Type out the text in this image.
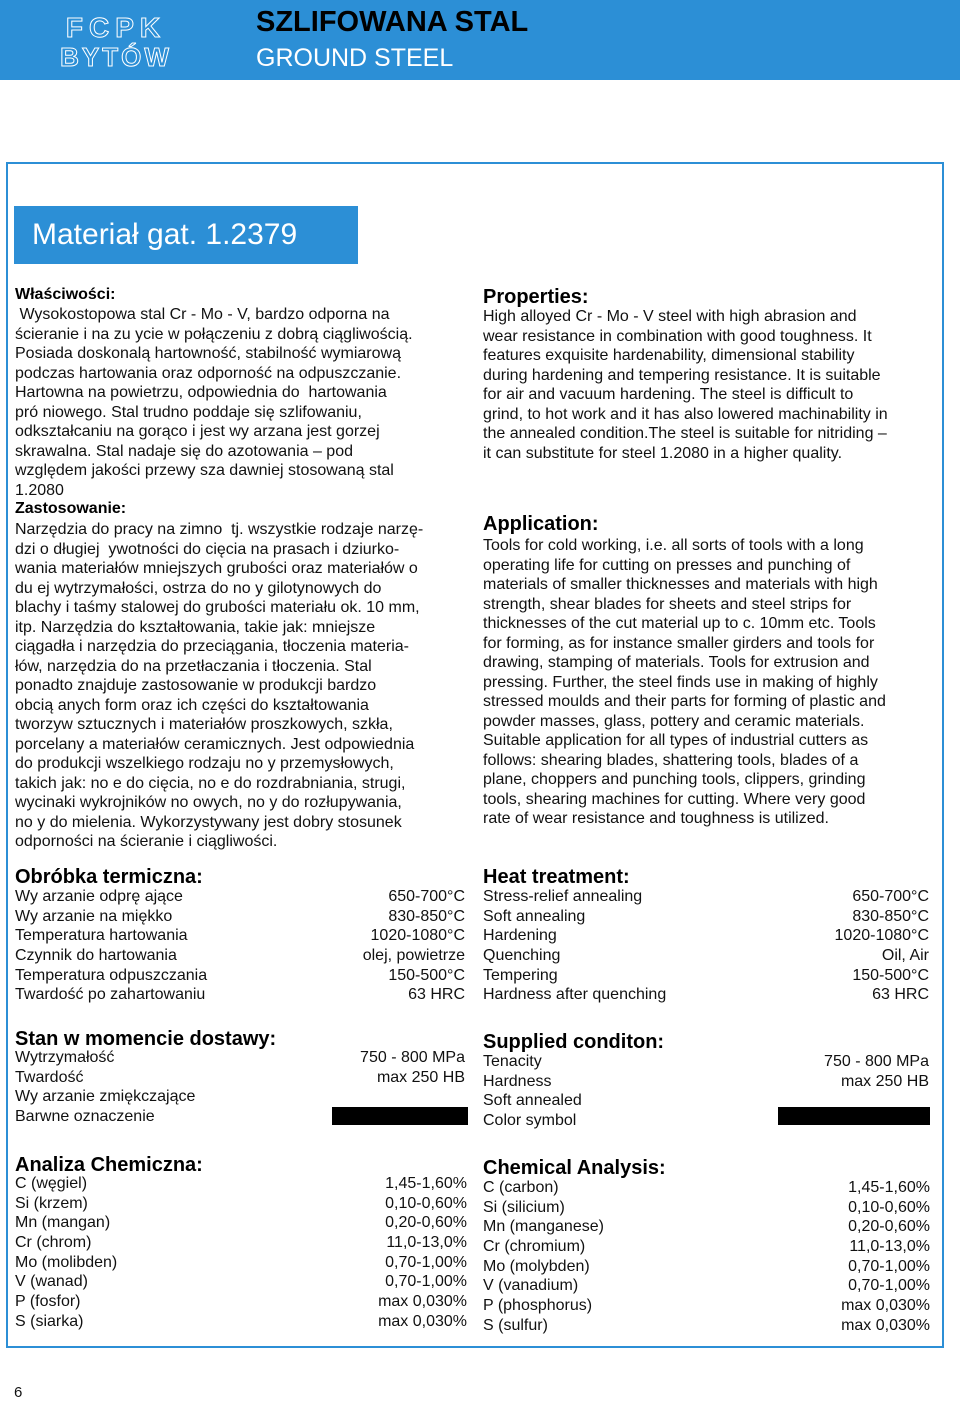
FCPK
BYTÓW
SZLIFOWANA STAL
GROUND STEEL
Materiał gat. 1.2379
Właściwości:
Wysokostopowa stal Cr - Mo - V, bardzo odporna na
ścieranie i na zu ycie w połączeniu z dobrą ciągliwością.
Posiada doskonalą hartowność, stabilność wymiarową
podczas hartowania oraz odporność na odpuszczanie.
Hartowna na powietrzu, odpowiednia do  hartowania
pró niowego. Stal trudno poddaje się szlifowaniu,
odkształcaniu na gorąco i jest wy arzana jest gorzej
skrawalna. Stal nadaje się do azotowania – pod
względem jakości przewy sza dawniej stosowaną stal
1.2080
Zastosowanie:
Narzędzia do pracy na zimno  tj. wszystkie rodzaje narzę-
dzi o długiej  ywotności do cięcia na prasach i dziurko-
wania materiałów mniejszych grubości oraz materiałów o
du ej wytrzymałości, ostrza do no y gilotynowych do
blachy i taśmy stalowej do grubości materiału ok. 10 mm,
itp. Narzędzia do kształtowania, takie jak: mniejsze
ciągadła i narzędzia do przeciągania, tłoczenia materia-
łów, narzędzia do na przetłaczania i tłoczenia. Stal
ponadto znajduje zastosowanie w produkcji bardzo
obcią anych form oraz ich części do kształtowania
tworzyw sztucznych i materiałów proszkowych, szkła,
porcelany a materiałów ceramicznych. Jest odpowiednia
do produkcji wszelkiego rodzaju no y przemysłowych,
takich jak: no e do cięcia, no e do rozdrabniania, strugi,
wycinaki wykrojników no owych, no y do rozłupywania,
no y do mielenia. Wykorzystywany jest dobry stosunek
odporności na ścieranie i ciągliwości.
Obróbka termiczna:
Wy arzanie odprę ające	650-700°C
Wy arzanie na miękko	830-850°C
Temperatura hartowania	1020-1080°C
Czynnik do hartowania	olej, powietrze
Temperatura odpuszczania	150-500°C
Twardość po zahartowaniu	63 HRC
Stan w momencie dostawy:
Wytrzymałość	750 - 800 MPa
Twardość	max 250 HB
Wy arzanie zmiękczające
Barwne oznaczenie
Analiza Chemiczna:
C (węgiel)	1,45-1,60%
Si (krzem)	0,10-0,60%
Mn (mangan)	0,20-0,60%
Cr (chrom)	11,0-13,0%
Mo (molibden)	0,70-1,00%
V (wanad)	0,70-1,00%
P (fosfor)	max 0,030%
S (siarka)	max 0,030%
Properties:
High alloyed Cr - Mo - V steel with high abrasion and
wear resistance in combination with good toughness. It
features exquisite hardenability, dimensional stability
during hardening and tempering resistance. It is suitable
for air and vacuum hardening. The steel is difficult to
grind, to hot work and it has also lowered machinability in
the annealed condition.The steel is suitable for nitriding –
it can substitute for steel 1.2080 in a higher quality.
Application:
Tools for cold working, i.e. all sorts of tools with a long
operating life for cutting on presses and punching of
materials of smaller thicknesses and materials with high
strength, shear blades for sheets and steel strips for
thicknesses of the cut material up to c. 10mm etc. Tools
for forming, as for instance smaller girders and tools for
drawing, stamping of materials. Tools for extrusion and
pressing. Further, the steel finds use in making of highly
stressed moulds and their parts for forming of plastic and
powder masses, glass, pottery and ceramic materials.
Suitable application for all types of industrial cutters as
follows: shearing blades, shattering tools, blades of a
plane, choppers and punching tools, clippers, grinding
tools, shearing machines for cutting. Where very good
rate of wear resistance and toughness is utilized.
Heat treatment:
Stress-relief annealing	650-700°C
Soft annealing	830-850°C
Hardening	1020-1080°C
Quenching	Oil, Air
Tempering	150-500°C
Hardness after quenching	63 HRC
Supplied conditon:
Tenacity	750 - 800 MPa
Hardness	max 250 HB
Soft annealed
Color symbol
Chemical Analysis:
C (carbon)	1,45-1,60%
Si (silicium)	0,10-0,60%
Mn (manganese)	0,20-0,60%
Cr (chromium)	11,0-13,0%
Mo (molybden)	0,70-1,00%
V (vanadium)	0,70-1,00%
P (phosphorus)	max 0,030%
S (sulfur)	max 0,030%
6
